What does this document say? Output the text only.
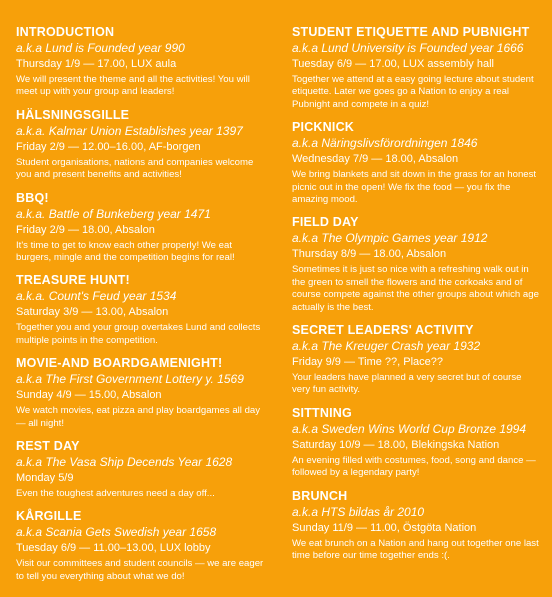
INTRODUCTION
a.k.a Lund is Founded year 990
Thursday 1/9 — 17.00, LUX aula
We will present the theme and all the activities! You will meet up with your group and leaders!
HÄLSNINGSGILLE
a.k.a. Kalmar Union Establishes year 1397
Friday 2/9 — 12.00–16.00, AF-borgen
Student organisations, nations and companies welcome you and present benefits and activities!
BBQ!
a.k.a. Battle of Bunkeberg year 1471
Friday 2/9 — 18.00, Absalon
It's time to get to know each other properly! We eat burgers, mingle and the competition begins for real!
TREASURE HUNT!
a.k.a. Count's Feud year 1534
Saturday 3/9 — 13.00, Absalon
Together you and your group overtakes Lund and collects multiple points in the competition.
MOVIE-AND BOARDGAMENIGHT!
a.k.a The First Government Lottery y. 1569
Sunday 4/9 — 15.00, Absalon
We watch movies, eat pizza and play boardgames all day — all night!
REST DAY
a.k.a The Vasa Ship Decends Year 1628
Monday 5/9
Even the toughest adventures need a day off...
KÅRGILLE
a.k.a Scania Gets Swedish year 1658
Tuesday 6/9 — 11.00–13.00, LUX lobby
Visit our committees and student councils — we are eager to tell you everything about what we do!
STUDENT ETIQUETTE AND PUBNIGHT
a.k.a Lund University is Founded year 1666
Tuesday 6/9 — 17.00, LUX assembly hall
Together we attend at a easy going lecture about student etiquette. Later we goes go a Nation to enjoy a real Pubnight and compete in a quiz!
PICKNICK
a.k.a Näringslivsförordningen 1846
Wednesday 7/9 — 18.00, Absalon
We bring blankets and sit down in the grass for an honest picnic out in the open! We fix the food — you fix the amazing mood.
FIELD DAY
a.k.a The Olympic Games year 1912
Thursday 8/9 — 18.00, Absalon
Sometimes it is just so nice with a refreshing walk out in the green to smell the flowers and the corkoaks and of course compete against the other groups about which age actually is the best.
SECRET LEADERS' ACTIVITY
a.k.a The Kreuger Crash year 1932
Friday 9/9 — Time ??, Place??
Your leaders have planned a very secret but of course very fun activity.
SITTNING
a.k.a Sweden Wins World Cup Bronze 1994
Saturday 10/9 — 18.00, Blekingska Nation
An evening filled with costumes, food, song and dance — followed by a legendary party!
BRUNCH
a.k.a HTS bildas år 2010
Sunday 11/9 — 11.00, Östgöta Nation
We eat brunch on a Nation and hang out together one last time before our time together ends :(.
